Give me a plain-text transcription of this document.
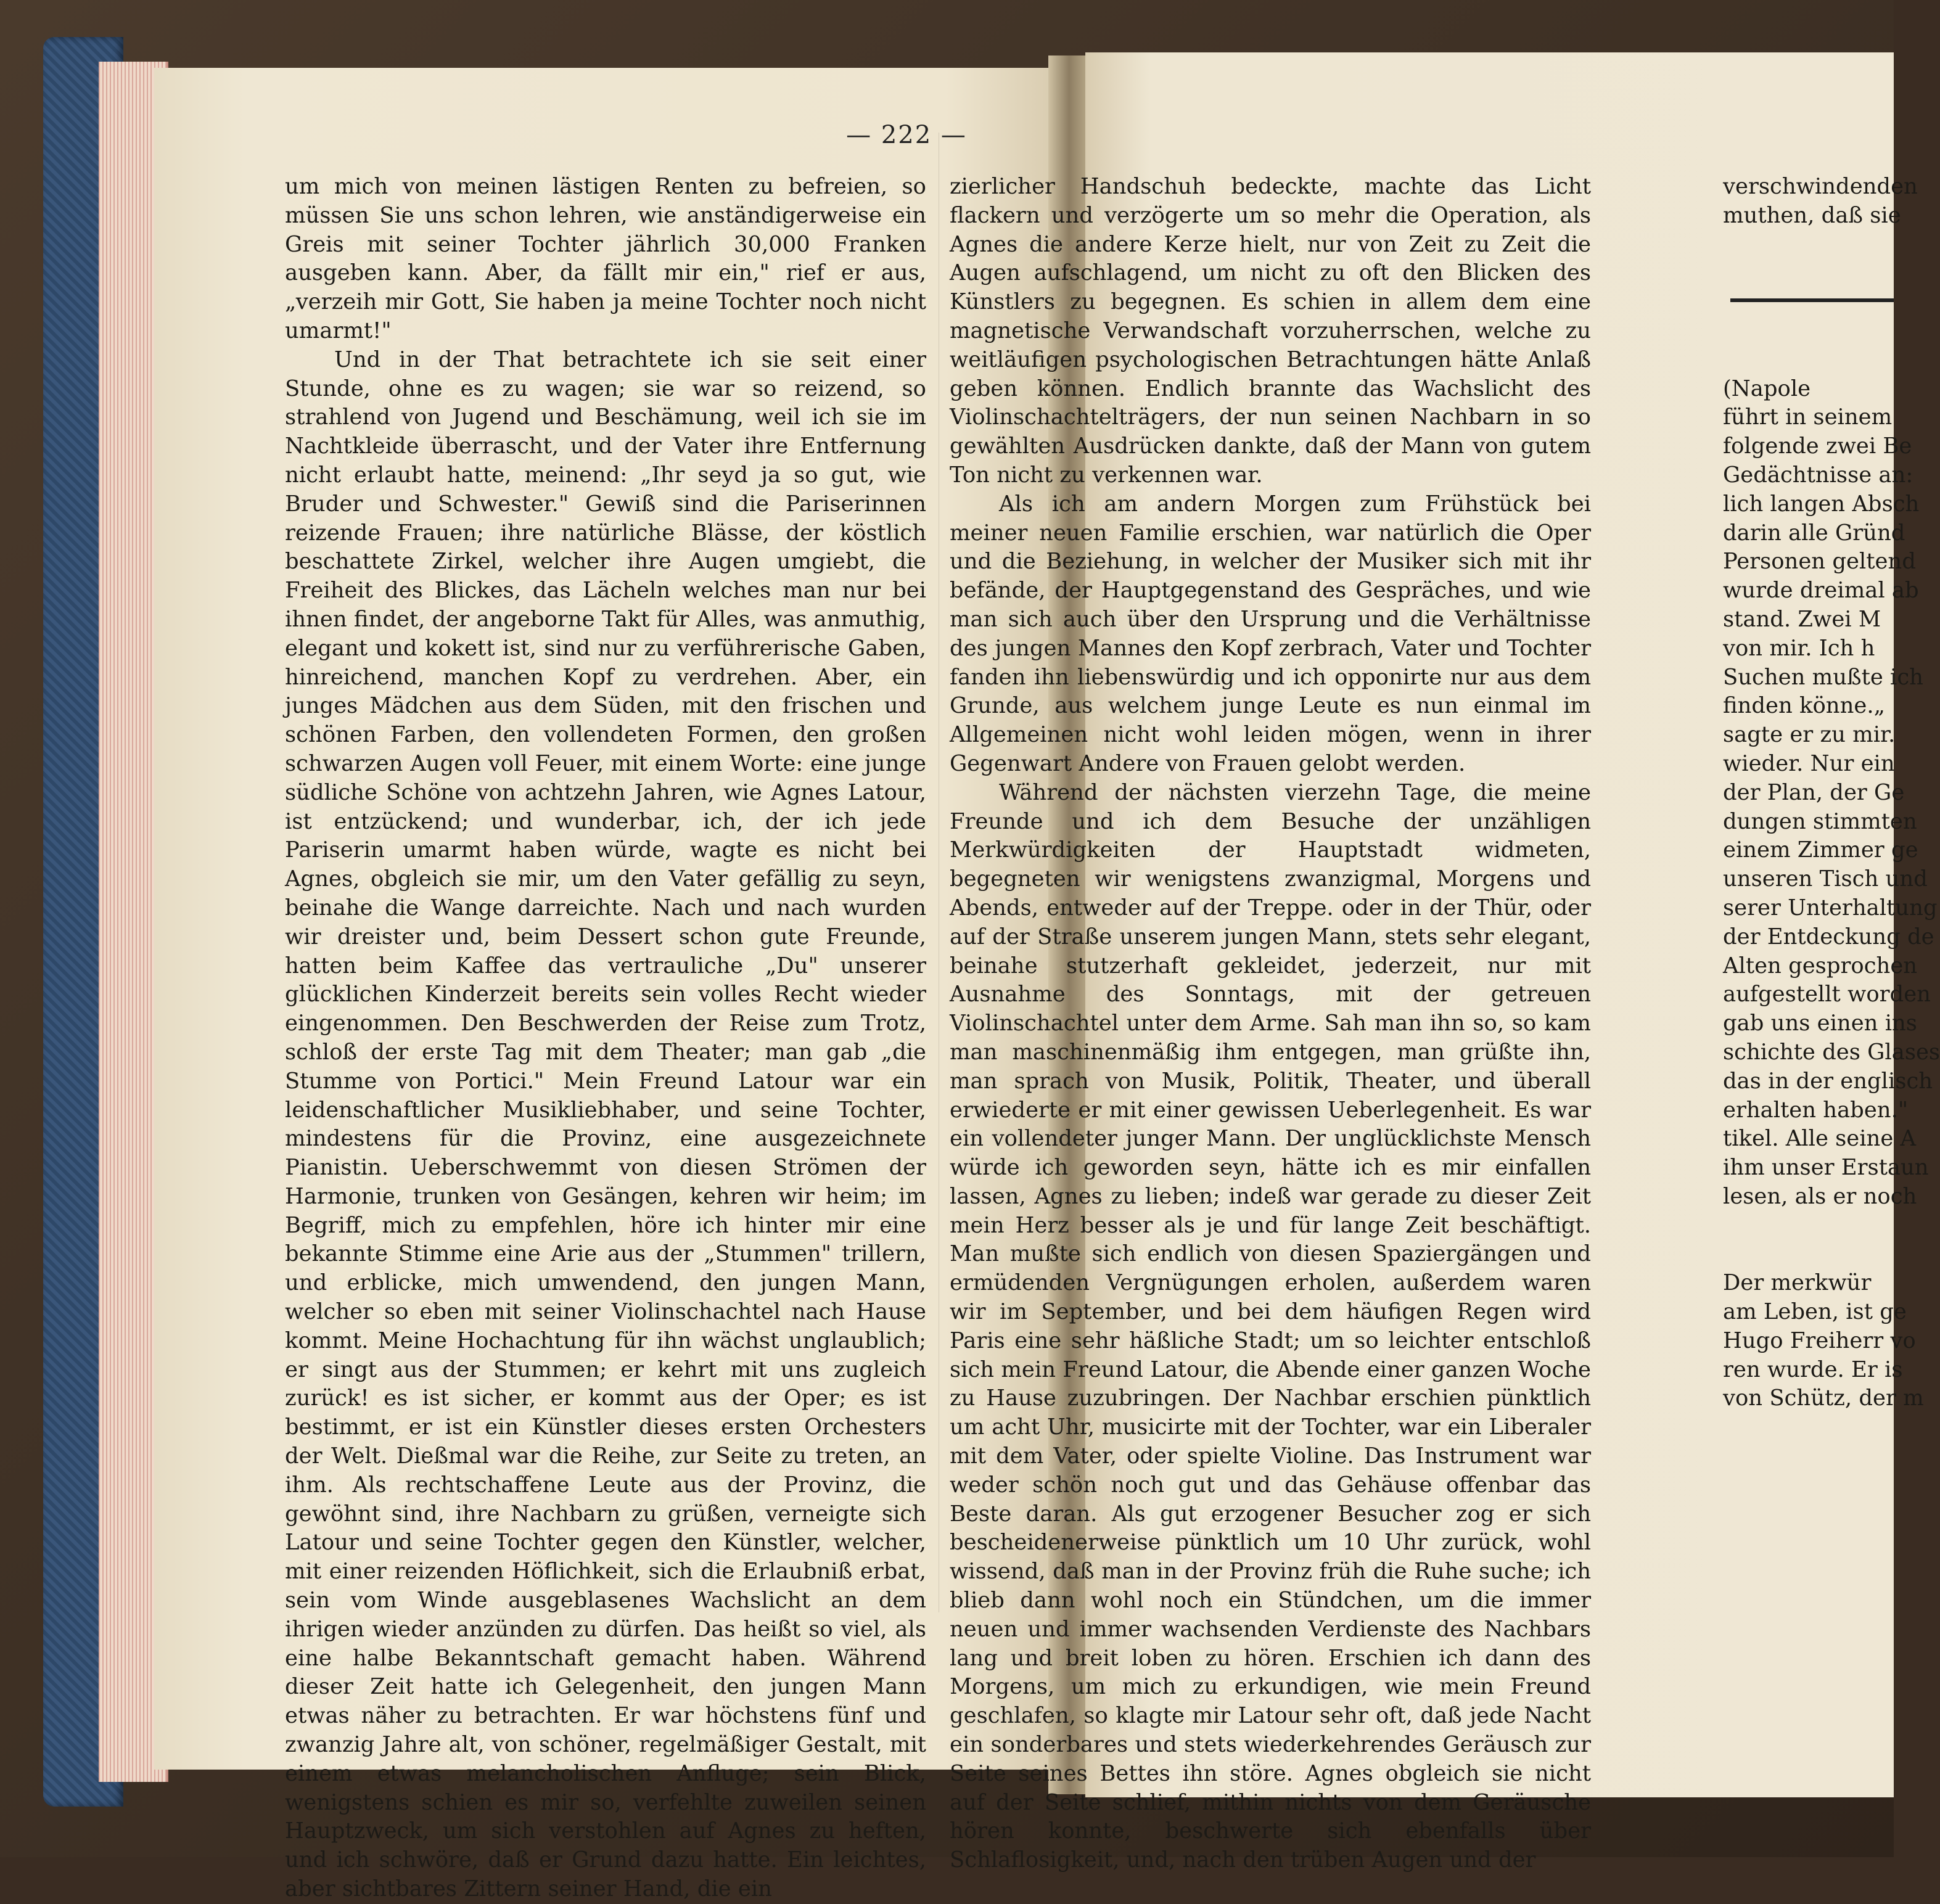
— 222 —

um mich von meinen lästigen Renten zu befreien, so müssen Sie uns schon lehren, wie anständigerweise ein Greis mit seiner Tochter jährlich 30,000 Franken ausgeben kann. Aber, da fällt mir ein," rief er aus, „verzeih mir Gott, Sie haben ja meine Tochter noch nicht umarmt!"

Und in der That betrachtete ich sie seit einer Stunde, ohne es zu wagen; sie war so reizend, so strahlend von Jugend und Beschämung, weil ich sie im Nachtkleide überrascht, und der Vater ihre Entfernung nicht erlaubt hatte, meinend: „Ihr seyd ja so gut, wie Bruder und Schwester." Gewiß sind die Pariserinnen reizende Frauen; ihre natürliche Blässe, der köstlich beschattete Zirkel, welcher ihre Augen umgiebt, die Freiheit des Blickes, das Lächeln welches man nur bei ihnen findet, der angeborne Takt für Alles, was anmuthig, elegant und kokett ist, sind nur zu verführerische Gaben, hinreichend, manchen Kopf zu verdrehen. Aber, ein junges Mädchen aus dem Süden, mit den frischen und schönen Farben, den vollendeten Formen, den großen schwarzen Augen voll Feuer, mit einem Worte: eine junge südliche Schöne von achtzehn Jahren, wie Agnes Latour, ist entzückend; und wunderbar, ich, der ich jede Pariserin umarmt haben würde, wagte es nicht bei Agnes, obgleich sie mir, um den Vater gefällig zu seyn, beinahe die Wange darreichte. Nach und nach wurden wir dreister und, beim Dessert schon gute Freunde, hatten beim Kaffee das vertrauliche „Du" unserer glücklichen Kinderzeit bereits sein volles Recht wieder eingenommen. Den Beschwerden der Reise zum Trotz, schloß der erste Tag mit dem Theater; man gab „die Stumme von Portici." Mein Freund Latour war ein leidenschaftlicher Musikliebhaber, und seine Tochter, mindestens für die Provinz, eine ausgezeichnete Pianistin. Ueberschwemmt von diesen Strömen der Harmonie, trunken von Gesängen, kehren wir heim; im Begriff, mich zu empfehlen, höre ich hinter mir eine bekannte Stimme eine Arie aus der „Stummen" trillern, und erblicke, mich umwendend, den jungen Mann, welcher so eben mit seiner Violinschachtel nach Hause kommt. Meine Hochachtung für ihn wächst unglaublich; er singt aus der Stummen; er kehrt mit uns zugleich zurück! es ist sicher, er kommt aus der Oper; es ist bestimmt, er ist ein Künstler dieses ersten Orchesters der Welt. Dießmal war die Reihe, zur Seite zu treten, an ihm. Als rechtschaffene Leute aus der Provinz, die gewöhnt sind, ihre Nachbarn zu grüßen, verneigte sich Latour und seine Tochter gegen den Künstler, welcher, mit einer reizenden Höflichkeit, sich die Erlaubniß erbat, sein vom Winde ausgeblasenes Wachslicht an dem ihrigen wieder anzünden zu dürfen. Das heißt so viel, als eine halbe Bekanntschaft gemacht haben. Während dieser Zeit hatte ich Gelegenheit, den jungen Mann etwas näher zu betrachten. Er war höchstens fünf und zwanzig Jahre alt, von schöner, regelmäßiger Gestalt, mit einem etwas melancholischen Anfluge; sein Blick, wenigstens schien es mir so, verfehlte zuweilen seinen Hauptzweck, um sich verstohlen auf Agnes zu heften, und ich schwöre, daß er Grund dazu hatte. Ein leichtes, aber sichtbares Zittern seiner Hand, die ein

zierlicher Handschuh bedeckte, machte das Licht flackern und verzögerte um so mehr die Operation, als Agnes die andere Kerze hielt, nur von Zeit zu Zeit die Augen aufschlagend, um nicht zu oft den Blicken des Künstlers zu begegnen. Es schien in allem dem eine magnetische Verwandschaft vorzuherrschen, welche zu weitläufigen psychologischen Betrachtungen hätte Anlaß geben können. Endlich brannte das Wachslicht des Violinschachtelträgers, der nun seinen Nachbarn in so gewählten Ausdrücken dankte, daß der Mann von gutem Ton nicht zu verkennen war.

Als ich am andern Morgen zum Frühstück bei meiner neuen Familie erschien, war natürlich die Oper und die Beziehung, in welcher der Musiker sich mit ihr befände, der Hauptgegenstand des Gespräches, und wie man sich auch über den Ursprung und die Verhältnisse des jungen Mannes den Kopf zerbrach, Vater und Tochter fanden ihn liebenswürdig und ich opponirte nur aus dem Grunde, aus welchem junge Leute es nun einmal im Allgemeinen nicht wohl leiden mögen, wenn in ihrer Gegenwart Andere von Frauen gelobt werden.

Während der nächsten vierzehn Tage, die meine Freunde und ich dem Besuche der unzähligen Merkwürdigkeiten der Hauptstadt widmeten, begegneten wir wenigstens zwanzigmal, Morgens und Abends, entweder auf der Treppe. oder in der Thür, oder auf der Straße unserem jungen Mann, stets sehr elegant, beinahe stutzerhaft gekleidet, jederzeit, nur mit Ausnahme des Sonntags, mit der getreuen Violinschachtel unter dem Arme. Sah man ihn so, so kam man maschinenmäßig ihm entgegen, man grüßte ihn, man sprach von Musik, Politik, Theater, und überall erwiederte er mit einer gewissen Ueberlegenheit. Es war ein vollendeter junger Mann. Der unglücklichste Mensch würde ich geworden seyn, hätte ich es mir einfallen lassen, Agnes zu lieben; indeß war gerade zu dieser Zeit mein Herz besser als je und für lange Zeit beschäftigt. Man mußte sich endlich von diesen Spaziergängen und ermüdenden Vergnügungen erholen, außerdem waren wir im September, und bei dem häufigen Regen wird Paris eine sehr häßliche Stadt; um so leichter entschloß sich mein Freund Latour, die Abende einer ganzen Woche zu Hause zuzubringen. Der Nachbar erschien pünktlich um acht Uhr, musicirte mit der Tochter, war ein Liberaler mit dem Vater, oder spielte Violine. Das Instrument war weder schön noch gut und das Gehäuse offenbar das Beste daran. Als gut erzogener Besucher zog er sich bescheidenerweise pünktlich um 10 Uhr zurück, wohl wissend, daß man in der Provinz früh die Ruhe suche; ich blieb dann wohl noch ein Stündchen, um die immer neuen und immer wachsenden Verdienste des Nachbars lang und breit loben zu hören. Erschien ich dann des Morgens, um mich zu erkundigen, wie mein Freund geschlafen, so klagte mir Latour sehr oft, daß jede Nacht ein sonderbares und stets wiederkehrendes Geräusch zur Seite seines Bettes ihn störe. Agnes obgleich sie nicht auf der Seite schlief, mithin nichts von dem Geräusche hören konnte, beschwerte sich ebenfalls über Schlaflosigkeit, und, nach den trüben Augen und der

verschwindenden
muthen, daß sie
(Napole
führt in seinem
folgende zwei Be
Gedächtnisse an:
lich langen Absch
darin alle Gründ
Personen geltend
wurde dreimal ab
stand. Zwei M
von mir. Ich h
Suchen mußte ich
finden könne.„
sagte er zu mir.
wieder. Nur ein
der Plan, der Ge
dungen stimmten
einem Zimmer ge
unseren Tisch und
serer Unterhaltung
der Entdeckung de
Alten gesprochen
aufgestellt worden
gab uns einen ins
schichte des Glases
das in der englisch
erhalten haben."
tikel. Alle seine A
ihm unser Erstaun
lesen, als er noch
Der merkwür
am Leben, ist ge
Hugo Freiherr vo
ren wurde. Er is
von Schütz, der m
